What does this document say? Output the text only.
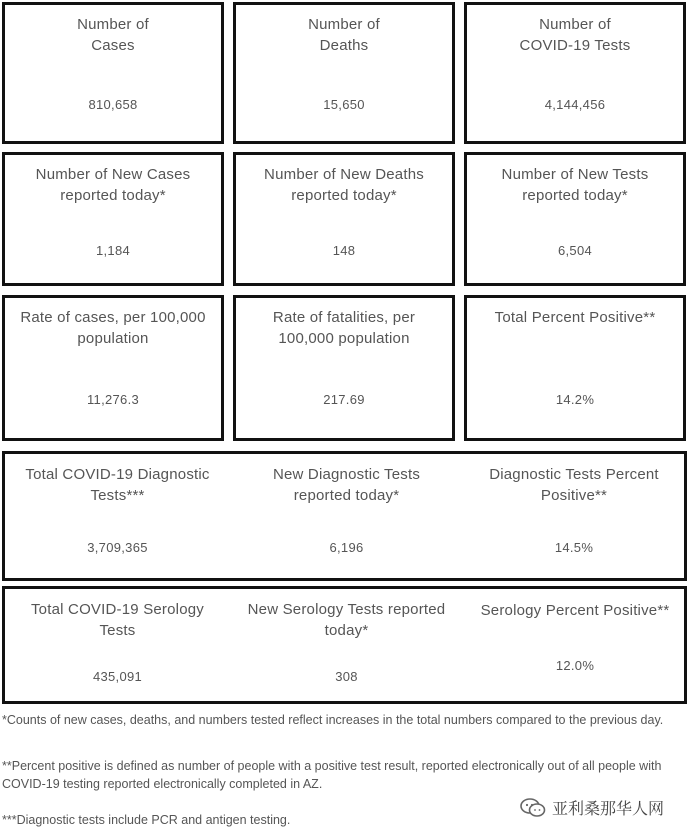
Number of
Cases
810,658
Number of
Deaths
15,650
Number of
COVID-19 Tests
4,144,456
Number of New Cases
reported today*
1,184
Number of New Deaths
reported today*
148
Number of New Tests
reported today*
6,504
Rate of cases, per 100,000
population
11,276.3
Rate of fatalities, per
100,000 population
217.69
Total Percent Positive**
14.2%
Total COVID-19 Diagnostic
Tests***
3,709,365
New Diagnostic Tests
reported today*
6,196
Diagnostic Tests Percent
Positive**
14.5%
Total COVID-19 Serology
Tests
435,091
New Serology Tests reported
today*
308
Serology Percent Positive**
12.0%
*Counts of new cases, deaths, and numbers tested reflect increases in the total numbers compared to the previous day.
**Percent positive is defined as number of people with a positive test result, reported electronically out of all people with COVID-19 testing reported electronically completed in AZ.
***Diagnostic tests include PCR and antigen testing.
亚利桑那华人网
